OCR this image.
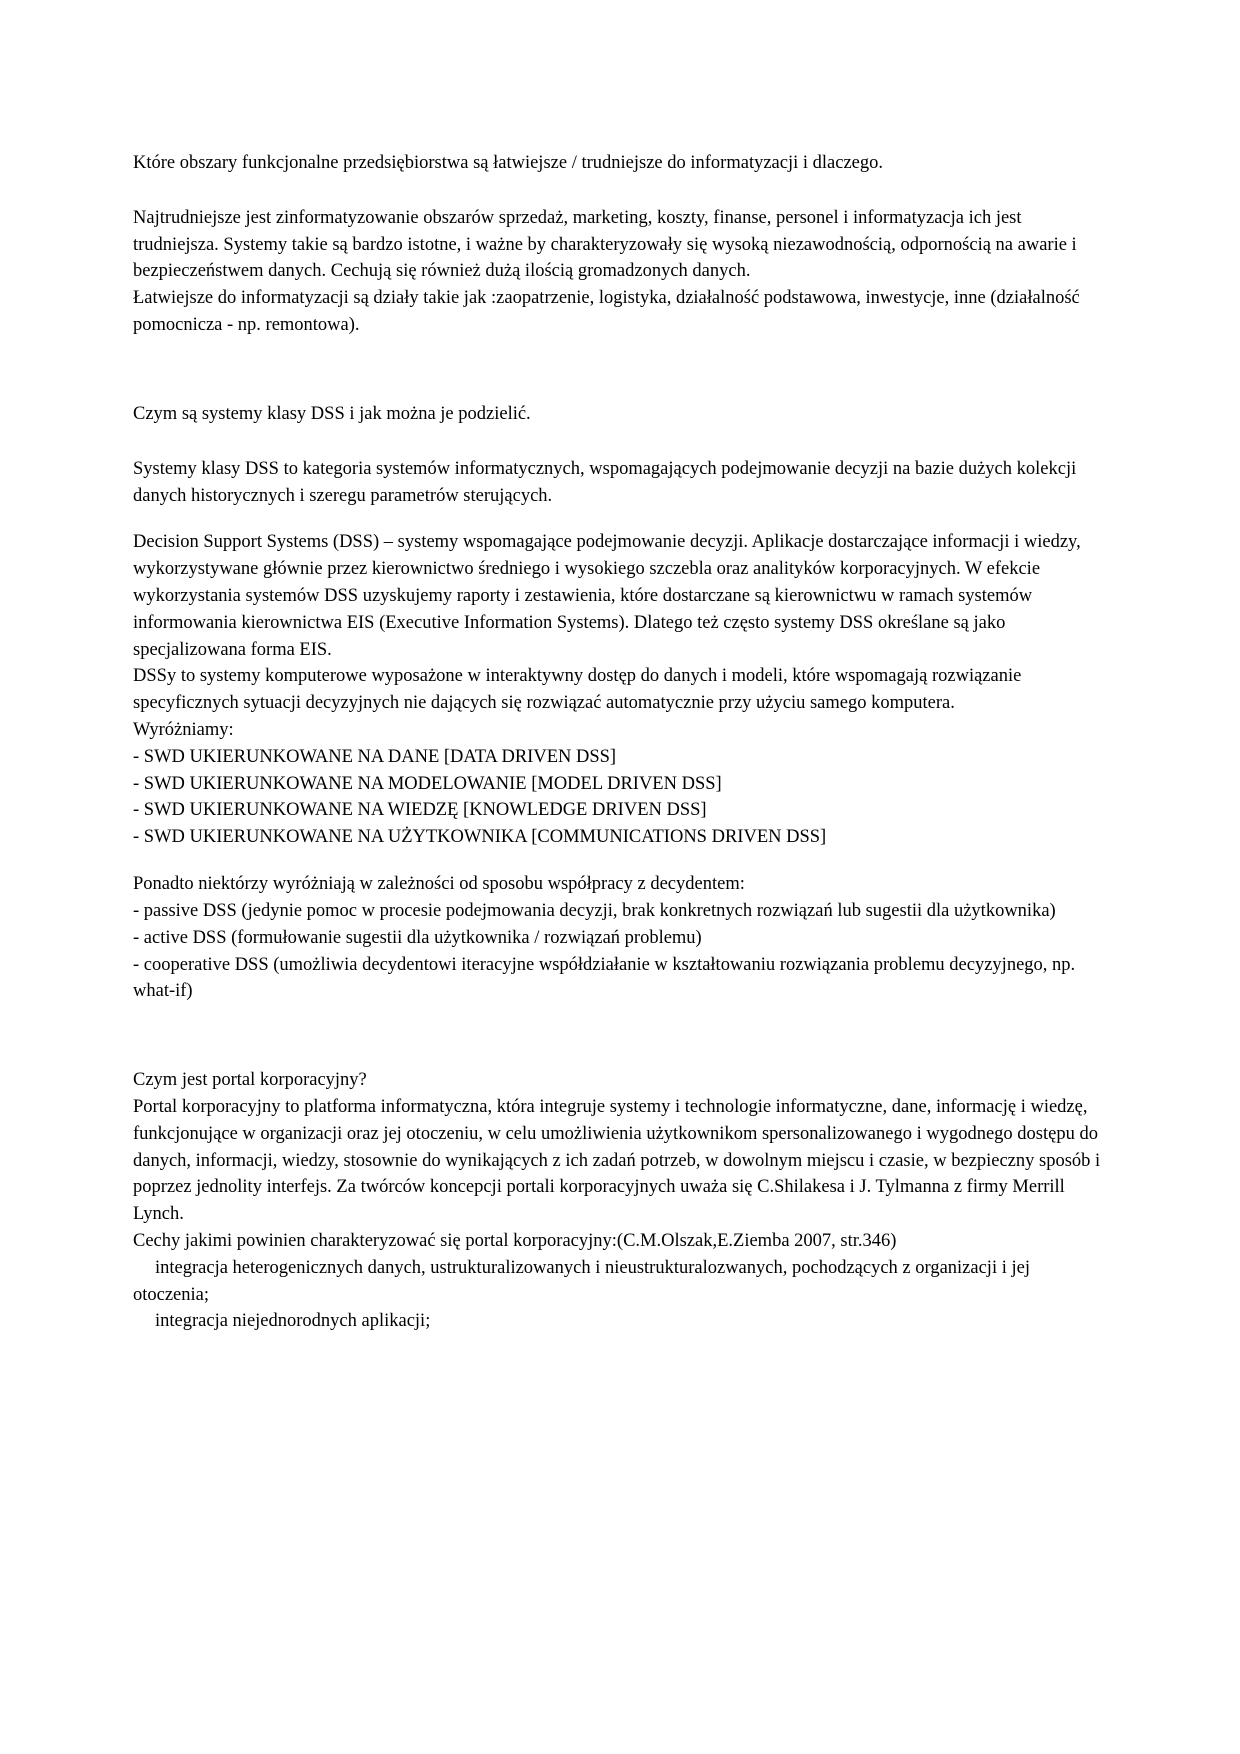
Które obszary funkcjonalne przedsiębiorstwa są łatwiejsze / trudniejsze do informatyzacji i dlaczego.

Najtrudniejsze jest zinformatyzowanie obszarów sprzedaż, marketing, koszty, finanse, personel i informatyzacja ich jest trudniejsza. Systemy takie są bardzo istotne, i ważne by charakteryzowały się wysoką niezawodnością, odpornością na awarie i bezpieczeństwem danych. Cechują się również dużą ilością gromadzonych danych.

Łatwiejsze do informatyzacji są działy takie jak :zaopatrzenie, logistyka, działalność podstawowa, inwestycje, inne (działalność pomocnicza - np. remontowa).

Czym są systemy klasy DSS i jak można je podzielić.

Systemy klasy DSS to kategoria systemów informatycznych, wspomagających podejmowanie decyzji na bazie dużych kolekcji danych historycznych i szeregu parametrów sterujących.

Decision Support Systems (DSS) – systemy wspomagające podejmowanie decyzji. Aplikacje dostarczające informacji i wiedzy, wykorzystywane głównie przez kierownictwo średniego i wysokiego szczebla oraz analityków korporacyjnych. W efekcie wykorzystania systemów DSS uzyskujemy raporty i zestawienia, które dostarczane są kierownictwu w ramach systemów informowania kierownictwa EIS (Executive Information Systems). Dlatego też często systemy DSS określane są jako specjalizowana forma EIS.

DSSy to systemy komputerowe wyposażone w interaktywny dostęp do danych i modeli, które wspomagają rozwiązanie specyficznych sytuacji decyzyjnych nie dających się rozwiązać automatycznie przy użyciu samego komputera.

Wyróżniamy:

- SWD UKIERUNKOWANE NA DANE [DATA DRIVEN DSS]

- SWD UKIERUNKOWANE NA MODELOWANIE [MODEL DRIVEN DSS]

- SWD UKIERUNKOWANE NA WIEDZĘ [KNOWLEDGE DRIVEN DSS]

- SWD UKIERUNKOWANE NA UŻYTKOWNIKA [COMMUNICATIONS DRIVEN DSS]

Ponadto niektórzy wyróżniają w zależności od sposobu współpracy z decydentem:

- passive DSS (jedynie pomoc w procesie podejmowania decyzji, brak konkretnych rozwiązań lub sugestii dla użytkownika)

- active DSS (formułowanie sugestii dla użytkownika / rozwiązań problemu)

- cooperative DSS (umożliwia decydentowi iteracyjne współdziałanie w kształtowaniu rozwiązania problemu decyzyjnego, np. what-if)

Czym jest portal korporacyjny?

Portal korporacyjny to platforma informatyczna, która integruje systemy i technologie informatyczne, dane, informację i wiedzę, funkcjonujące w organizacji oraz jej otoczeniu, w celu umożliwienia użytkownikom spersonalizowanego i wygodnego dostępu do danych, informacji, wiedzy, stosownie do wynikających z ich zadań potrzeb, w dowolnym miejscu i czasie, w bezpieczny sposób i poprzez jednolity interfejs. Za twórców koncepcji portali korporacyjnych uważa się C.Shilakesa i J. Tylmanna z firmy Merrill Lynch.

Cechy jakimi powinien charakteryzować się portal korporacyjny:(C.M.Olszak,E.Ziemba 2007, str.346)

integracja heterogenicznych danych, ustrukturalizowanych i nieustrukturalozwanych, pochodzących z organizacji i jej otoczenia;

integracja niejednorodnych aplikacji;
